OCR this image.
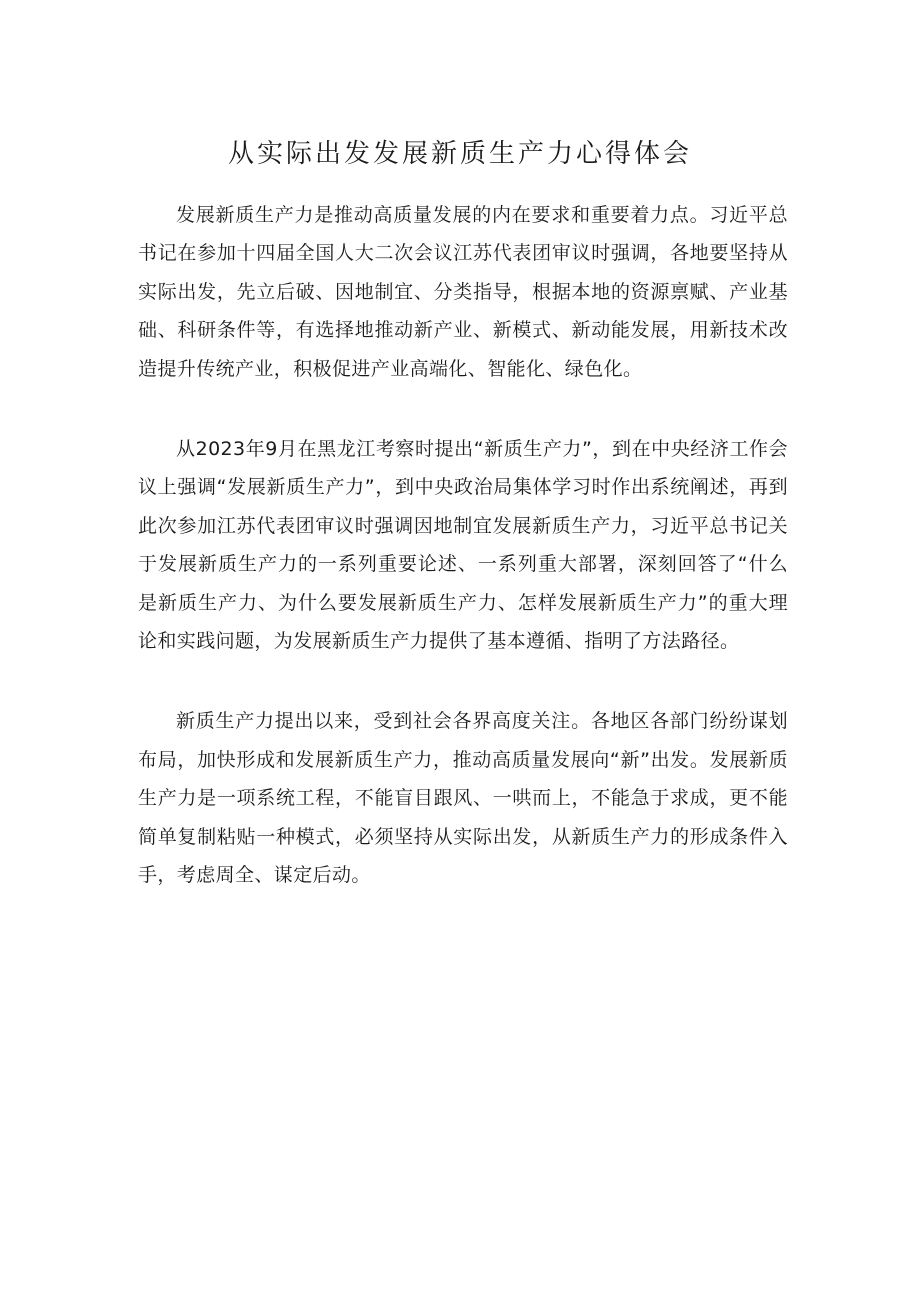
从实际出发发展新质生产力心得体会

发展新质生产力是推动高质量发展的内在要求和重要着力点。习近平总书记在参加十四届全国人大二次会议江苏代表团审议时强调，各地要坚持从实际出发，先立后破、因地制宜、分类指导，根据本地的资源禀赋、产业基础、科研条件等，有选择地推动新产业、新模式、新动能发展，用新技术改造提升传统产业，积极促进产业高端化、智能化、绿色化。

从2023年9月在黑龙江考察时提出“新质生产力”，到在中央经济工作会议上强调“发展新质生产力”，到中央政治局集体学习时作出系统阐述，再到此次参加江苏代表团审议时强调因地制宜发展新质生产力，习近平总书记关于发展新质生产力的一系列重要论述、一系列重大部署，深刻回答了“什么是新质生产力、为什么要发展新质生产力、怎样发展新质生产力”的重大理论和实践问题，为发展新质生产力提供了基本遵循、指明了方法路径。

新质生产力提出以来，受到社会各界高度关注。各地区各部门纷纷谋划布局，加快形成和发展新质生产力，推动高质量发展向“新”出发。发展新质生产力是一项系统工程，不能盲目跟风、一哄而上，不能急于求成，更不能简单复制粘贴一种模式，必须坚持从实际出发，从新质生产力的形成条件入手，考虑周全、谋定后动。
